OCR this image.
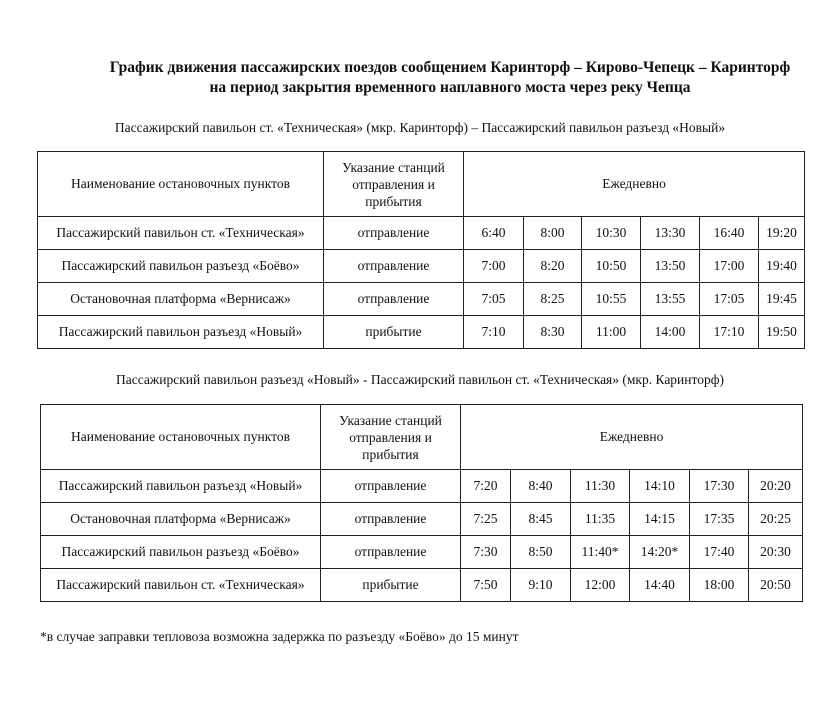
График движения пассажирских поездов сообщением Каринторф – Кирово-Чепецк – Каринторф
на период закрытия временного наплавного моста через реку Чепца
Пассажирский павильон ст. «Техническая» (мкр. Каринторф) – Пассажирский павильон разъезд «Новый»
Наименование остановочных пунктов	Указание станций отправления и прибытия	Ежедневно					
Пассажирский павильон ст. «Техническая»	отправление	6:40	8:00	10:30	13:30	16:40	19:20
Пассажирский павильон разъезд «Боёво»	отправление	7:00	8:20	10:50	13:50	17:00	19:40
Остановочная платформа «Вернисаж»	отправление	7:05	8:25	10:55	13:55	17:05	19:45
Пассажирский павильон разъезд «Новый»	прибытие	7:10	8:30	11:00	14:00	17:10	19:50
Пассажирский павильон разъезд «Новый» - Пассажирский павильон ст. «Техническая» (мкр. Каринторф)
Наименование остановочных пунктов	Указание станций отправления и прибытия	Ежедневно					
Пассажирский павильон разъезд «Новый»	отправление	7:20	8:40	11:30	14:10	17:30	20:20
Остановочная платформа «Вернисаж»	отправление	7:25	8:45	11:35	14:15	17:35	20:25
Пассажирский павильон разъезд «Боёво»	отправление	7:30	8:50	11:40*	14:20*	17:40	20:30
Пассажирский павильон ст. «Техническая»	прибытие	7:50	9:10	12:00	14:40	18:00	20:50
*в случае заправки тепловоза возможна задержка по разъезду «Боёво» до 15 минут
